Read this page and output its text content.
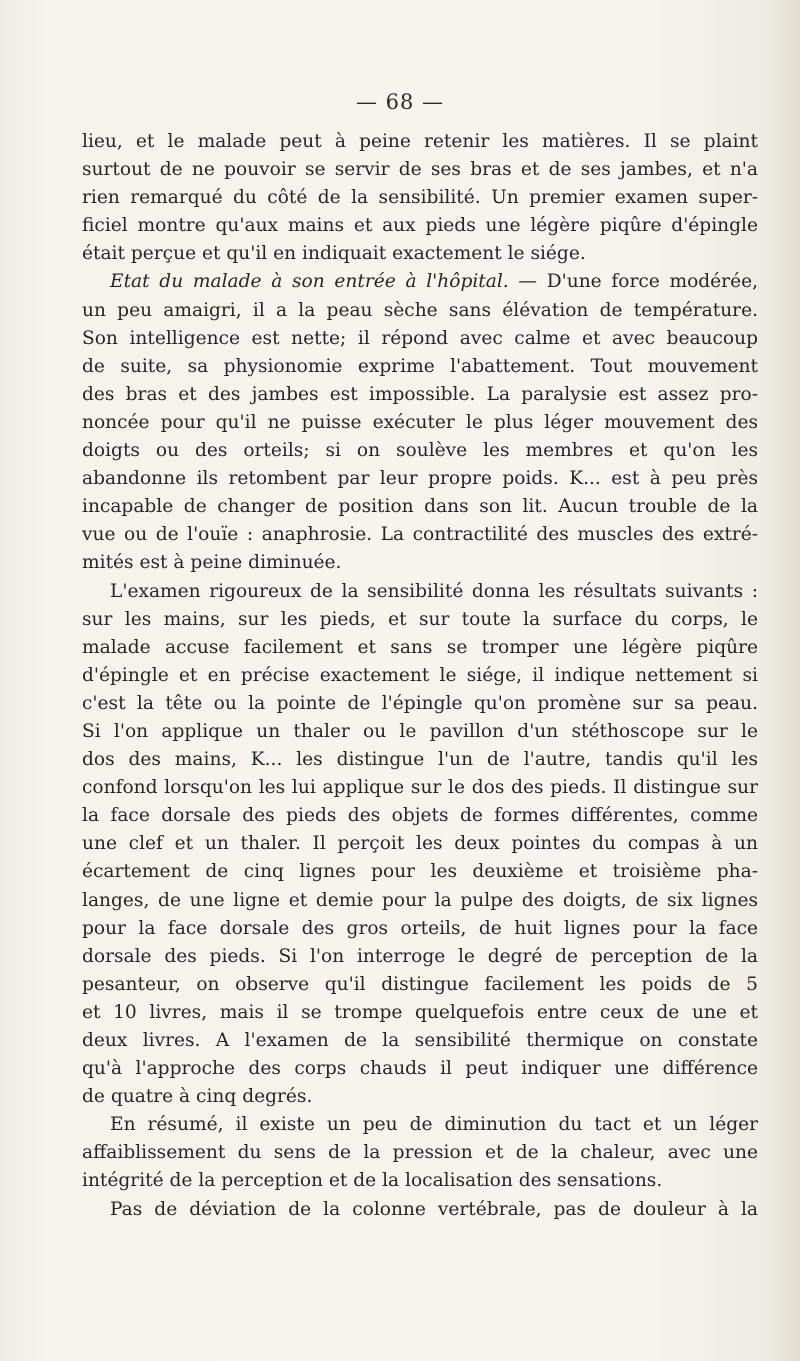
— 68 —
lieu, et le malade peut à peine retenir les matières. Il se plaint
surtout de ne pouvoir se servir de ses bras et de ses jambes, et n'a
rien remarqué du côté de la sensibilité. Un premier examen super-
ficiel montre qu'aux mains et aux pieds une légère piqûre d'épingle
était perçue et qu'il en indiquait exactement le siége.
Etat du malade à son entrée à l'hôpital. — D'une force modérée,
un peu amaigri, il a la peau sèche sans élévation de température.
Son intelligence est nette; il répond avec calme et avec beaucoup
de suite, sa physionomie exprime l'abattement. Tout mouvement
des bras et des jambes est impossible. La paralysie est assez pro-
noncée pour qu'il ne puisse exécuter le plus léger mouvement des
doigts ou des orteils; si on soulève les membres et qu'on les
abandonne ils retombent par leur propre poids. K... est à peu près
incapable de changer de position dans son lit. Aucun trouble de la
vue ou de l'ouïe : anaphrosie. La contractilité des muscles des extré-
mités est à peine diminuée.
L'examen rigoureux de la sensibilité donna les résultats suivants :
sur les mains, sur les pieds, et sur toute la surface du corps, le
malade accuse facilement et sans se tromper une légère piqûre
d'épingle et en précise exactement le siége, il indique nettement si
c'est la tête ou la pointe de l'épingle qu'on promène sur sa peau.
Si l'on applique un thaler ou le pavillon d'un stéthoscope sur le
dos des mains, K... les distingue l'un de l'autre, tandis qu'il les
confond lorsqu'on les lui applique sur le dos des pieds. Il distingue sur
la face dorsale des pieds des objets de formes différentes, comme
une clef et un thaler. Il perçoit les deux pointes du compas à un
écartement de cinq lignes pour les deuxième et troisième pha-
langes, de une ligne et demie pour la pulpe des doigts, de six lignes
pour la face dorsale des gros orteils, de huit lignes pour la face
dorsale des pieds. Si l'on interroge le degré de perception de la
pesanteur, on observe qu'il distingue facilement les poids de 5
et 10 livres, mais il se trompe quelquefois entre ceux de une et
deux livres. A l'examen de la sensibilité thermique on constate
qu'à l'approche des corps chauds il peut indiquer une différence
de quatre à cinq degrés.
En résumé, il existe un peu de diminution du tact et un léger
affaiblissement du sens de la pression et de la chaleur, avec une
intégrité de la perception et de la localisation des sensations.
Pas de déviation de la colonne vertébrale, pas de douleur à la
